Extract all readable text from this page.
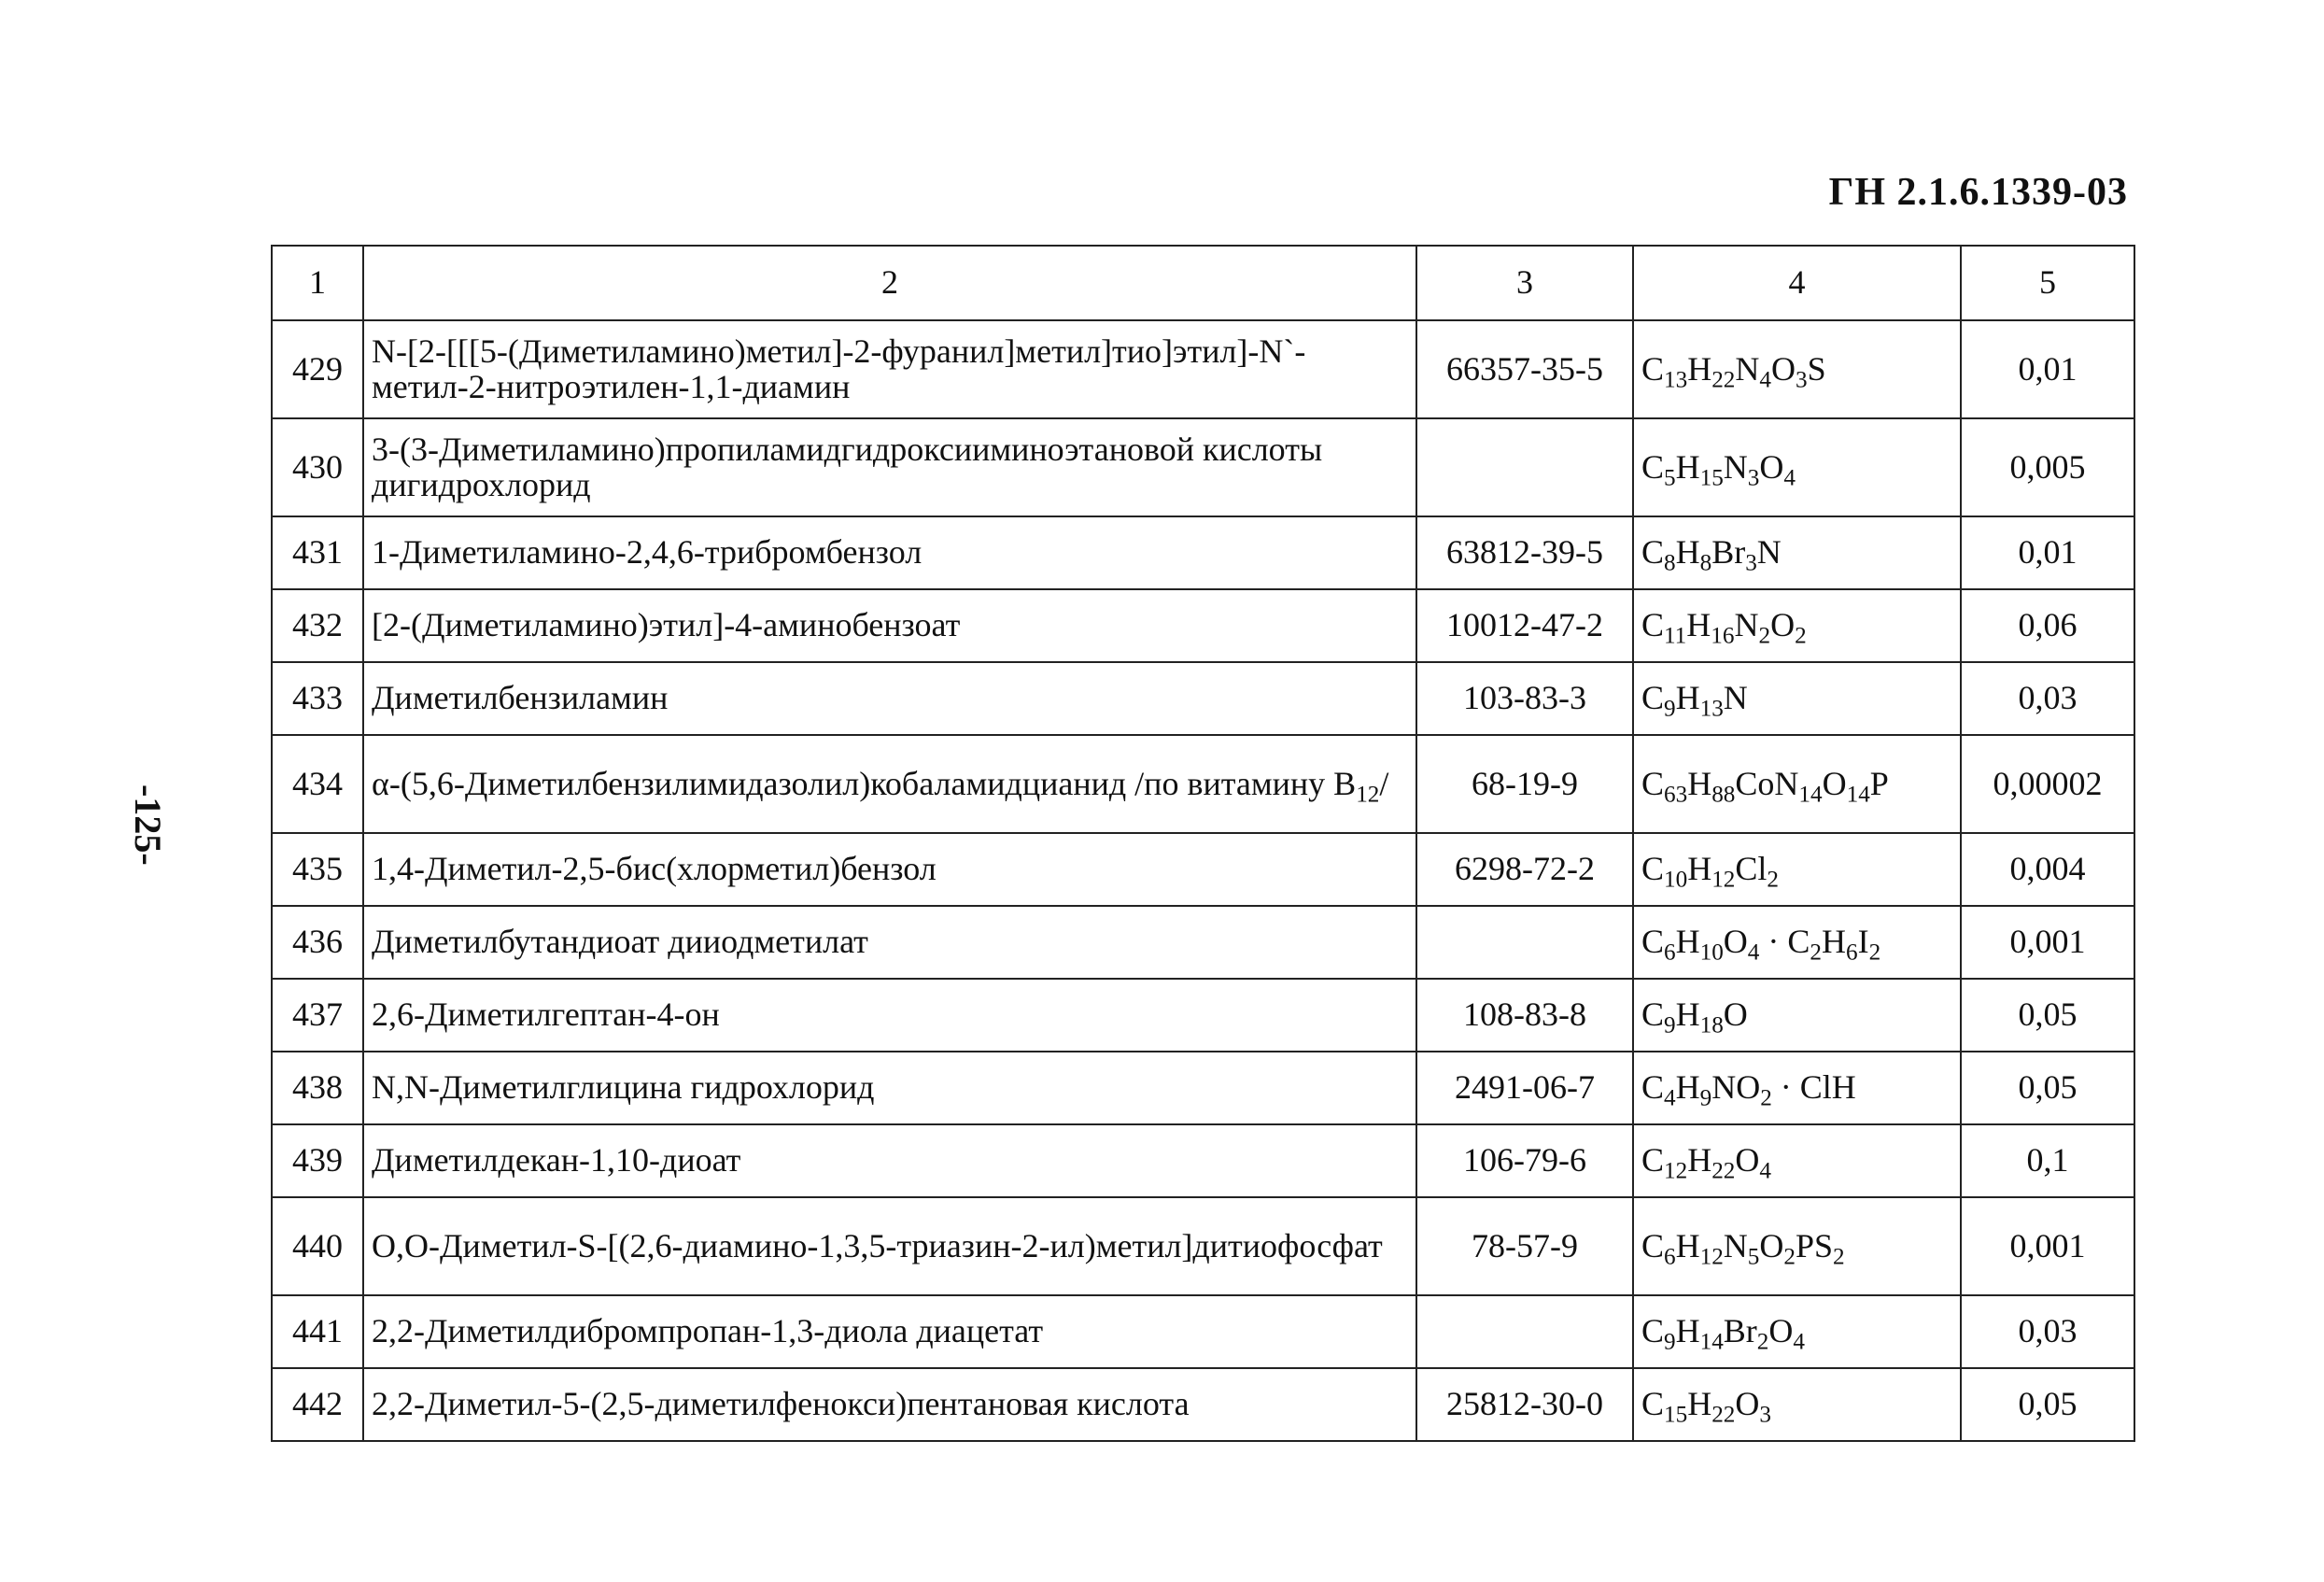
ГН 2.1.6.1339-03
-125-
1	2	3	4	5
429	N-[2-[[[5-(Диметиламино)метил]-2-фуранил]метил]тио]этил]-N`-метил-2-нитроэтилен-1,1-диамин	66357-35-5	$C_{13}H_{22}N_4O_3S$	0,01
430	3-(3-Диметиламино)пропиламидгидроксииминоэтановой кислоты дигидрохлорид		$C_5H_{15}N_3O_4$	0,005
431	1-Диметиламино-2,4,6-трибромбензол	63812-39-5	$C_8H_8Br_3N$	0,01
432	[2-(Диметиламино)этил]-4-аминобензоат	10012-47-2	$C_{11}H_{16}N_2O_2$	0,06
433	Диметилбензиламин	103-83-3	$C_9H_{13}N$	0,03
434	α-(5,6-Диметилбензилимидазолил)кобаламидцианид /по витамину $B_{12}/$	68-19-9	$C_{63}H_{88}CoN_{14}O_{14}P$	0,00002
435	1,4-Диметил-2,5-бис(хлорметил)бензол	6298-72-2	$C_{10}H_{12}Cl_2$	0,004
436	Диметилбутандиоат дииодметилат		$C_6H_{10}O_4 \cdot C_2H_6I_2$	0,001
437	2,6-Диметилгептан-4-он	108-83-8	$C_9H_{18}O$	0,05
438	N,N-Диметилглицина гидрохлорид	2491-06-7	$C_4H_9NO_2$ · ClH	0,05
439	Диметилдекан-1,10-диоат	106-79-6	$C_{12}H_{22}O_4$	0,1
440	O,O-Диметил-S-[(2,6-диамино-1,3,5-триазин-2-ил)метил]дитиофосфат	78-57-9	$C_6H_{12}N_5O_2PS_2$	0,001
441	2,2-Диметилдибромпропан-1,3-диола диацетат		$C_9H_{14}Br_2O_4$	0,03
442	2,2-Диметил-5-(2,5-диметилфенокси)пентановая кислота	25812-30-0	$C_{15}H_{22}O_3$	0,05
